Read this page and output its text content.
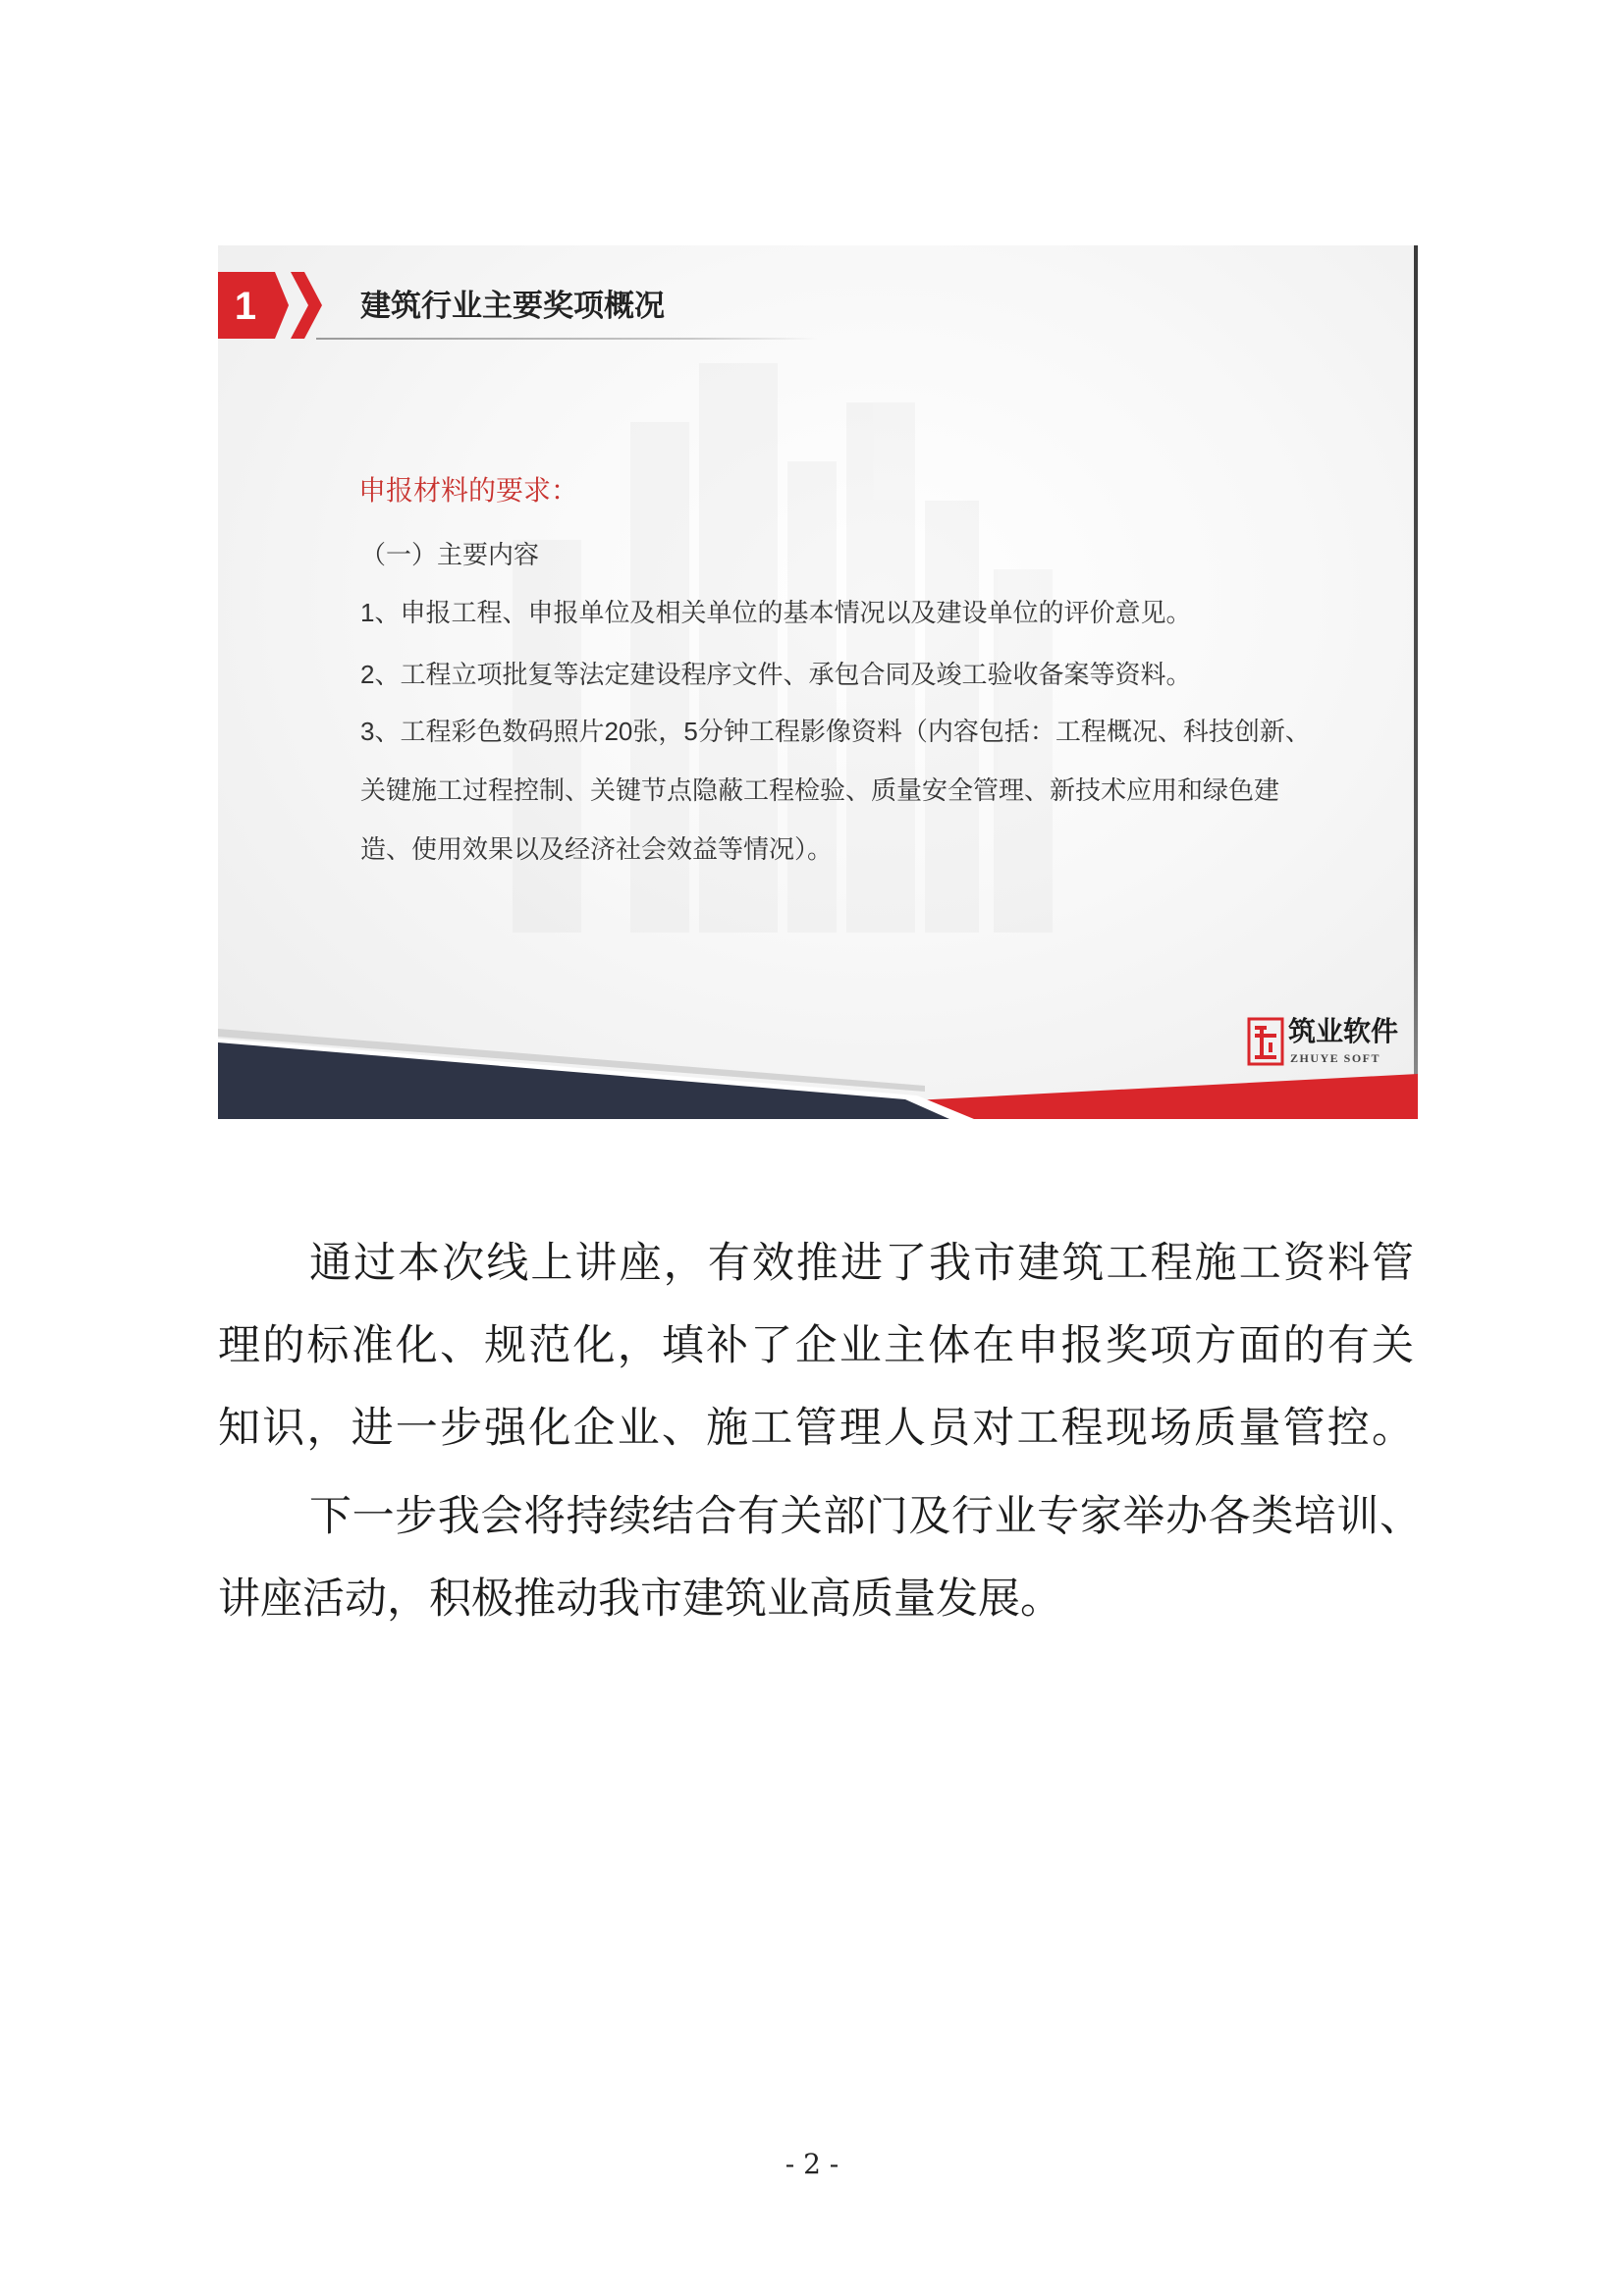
1	建筑行业主要奖项概况
申报材料的要求：
（一）主要内容
1、申报工程、申报单位及相关单位的基本情况以及建设单位的评价意见。
2、工程立项批复等法定建设程序文件、承包合同及竣工验收备案等资料。
3、工程彩色数码照片20张，5分钟工程影像资料（内容包括：工程概况、科技创新、
关键施工过程控制、关键节点隐蔽工程检验、质量安全管理、新技术应用和绿色建
造、使用效果以及经济社会效益等情况）。
筑业软件
ZHUYE SOFT
通过本次线上讲座，有效推进了我市建筑工程施工资料管
理的标准化、规范化，填补了企业主体在申报奖项方面的有关
知识，进一步强化企业、施工管理人员对工程现场质量管控。
下一步我会将持续结合有关部门及行业专家举办各类培训、
讲座活动，积极推动我市建筑业高质量发展。
- 2 -
